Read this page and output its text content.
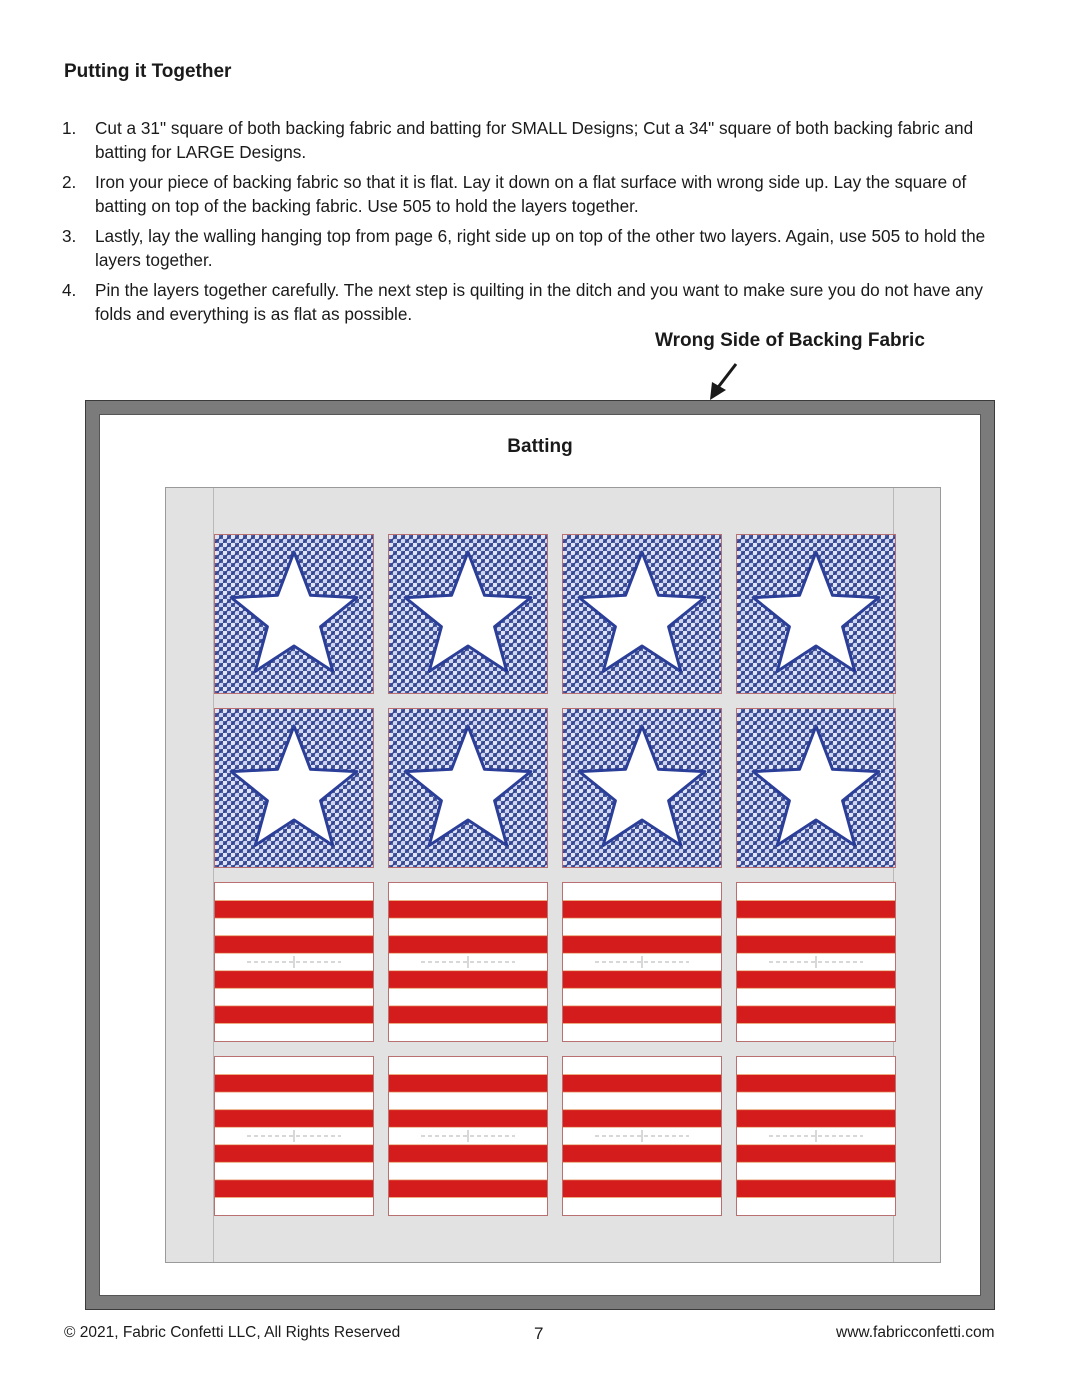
Putting it Together
1.	Cut a 31" square of both backing fabric and batting for SMALL Designs; Cut a 34" square of both backing fabric and batting for LARGE Designs.
2.	Iron your piece of backing fabric so that it is flat. Lay it down on a flat surface with wrong side up. Lay the square of batting on top of the backing fabric. Use 505 to hold the layers together.
3.	Lastly, lay the walling hanging top from page 6, right side up on top of the other two layers. Again, use 505 to hold the layers together.
4.	Pin the layers together carefully. The next step is quilting in the ditch and you want to make sure you do not have any folds and everything is as flat as possible.
Wrong Side of Backing Fabric
Batting
© 2021, Fabric Confetti LLC, All Rights Reserved	7	www.fabricconfetti.com
